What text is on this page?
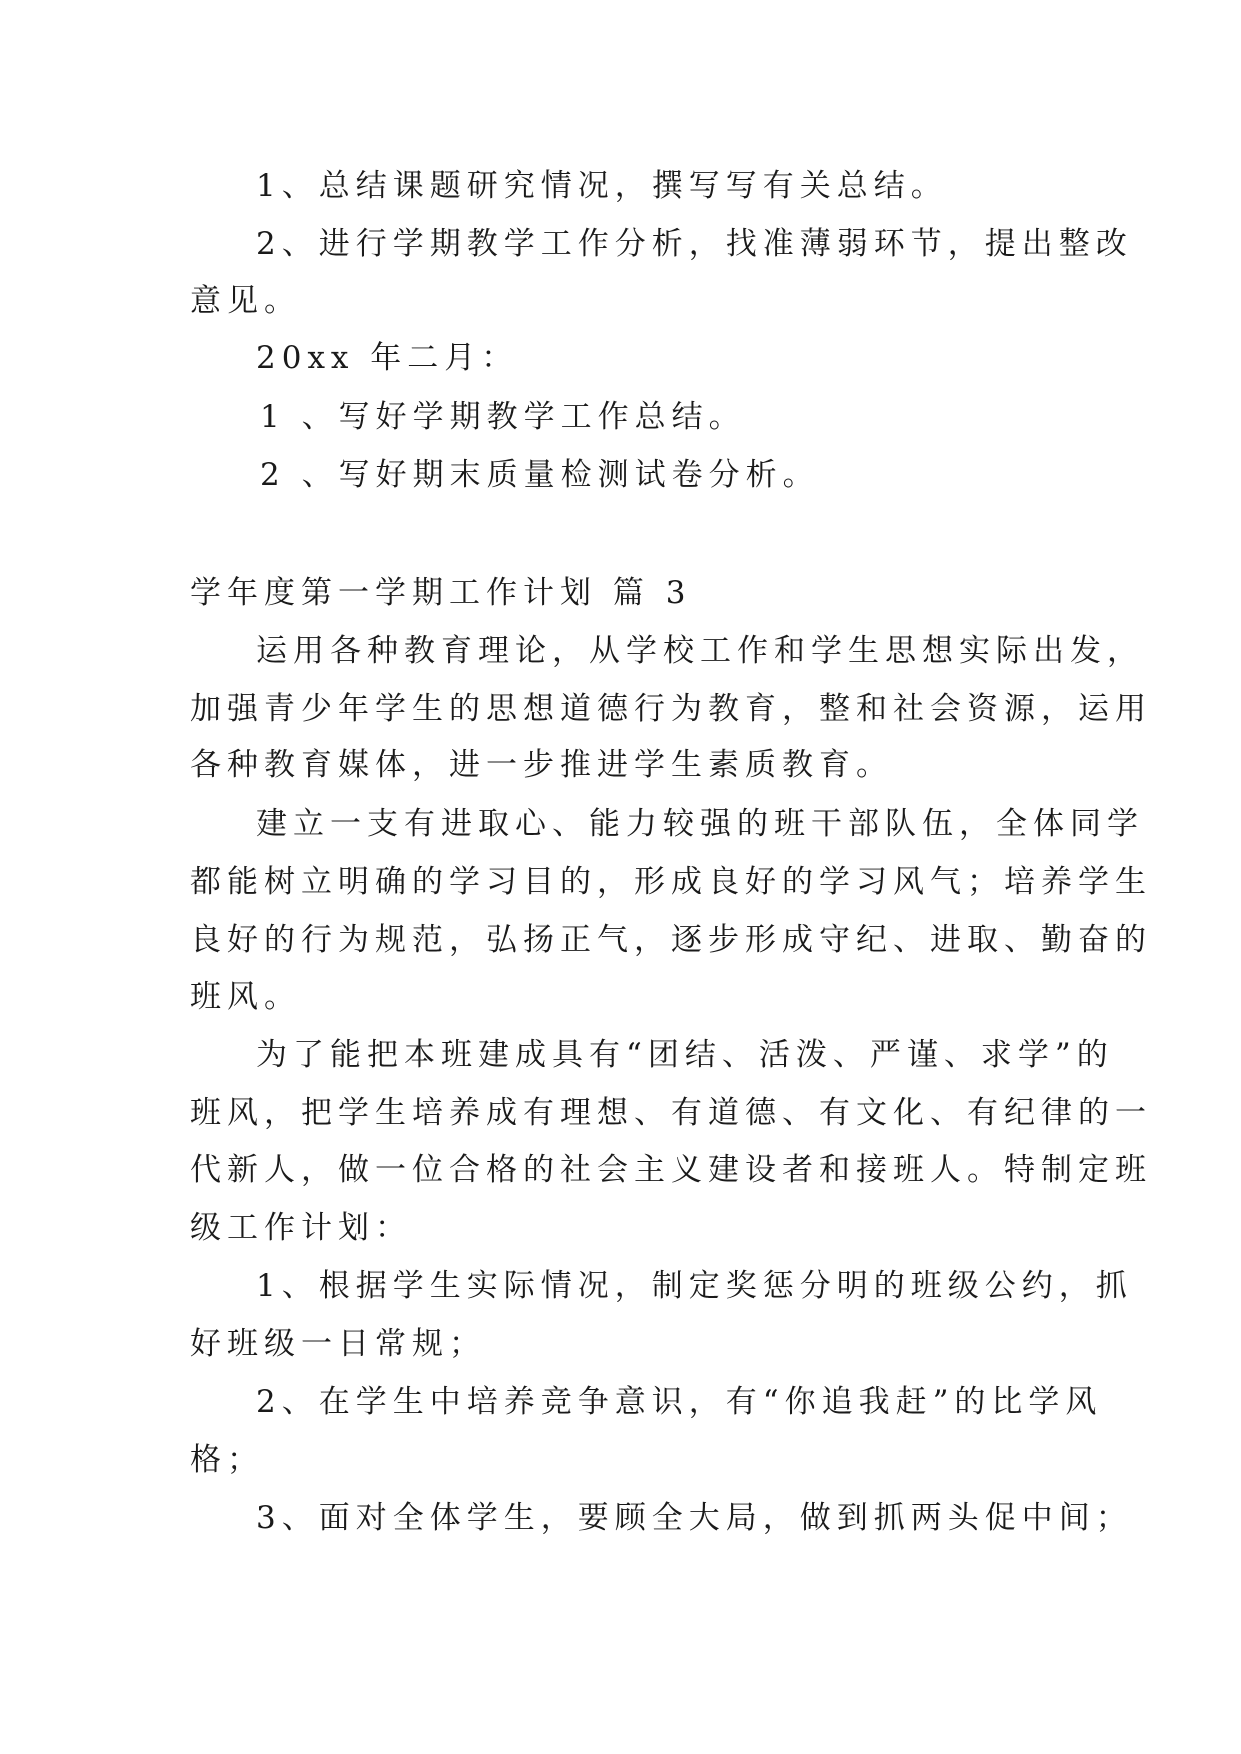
1、总结课题研究情况，撰写写有关总结。
2、进行学期教学工作分析，找准薄弱环节，提出整改
意见。
20xx 年二月：
1 、写好学期教学工作总结。
2 、写好期末质量检测试卷分析。
学年度第一学期工作计划 篇 3
运用各种教育理论，从学校工作和学生思想实际出发，
加强青少年学生的思想道德行为教育，整和社会资源，运用
各种教育媒体，进一步推进学生素质教育。
建立一支有进取心、能力较强的班干部队伍，全体同学
都能树立明确的学习目的，形成良好的学习风气；培养学生
良好的行为规范，弘扬正气，逐步形成守纪、进取、勤奋的
班风。
为了能把本班建成具有“团结、活泼、严谨、求学”的
班风，把学生培养成有理想、有道德、有文化、有纪律的一
代新人，做一位合格的社会主义建设者和接班人。特制定班
级工作计划：
1、根据学生实际情况，制定奖惩分明的班级公约，抓
好班级一日常规；
2、在学生中培养竞争意识，有“你追我赶”的比学风
格；
3、面对全体学生，要顾全大局，做到抓两头促中间；
